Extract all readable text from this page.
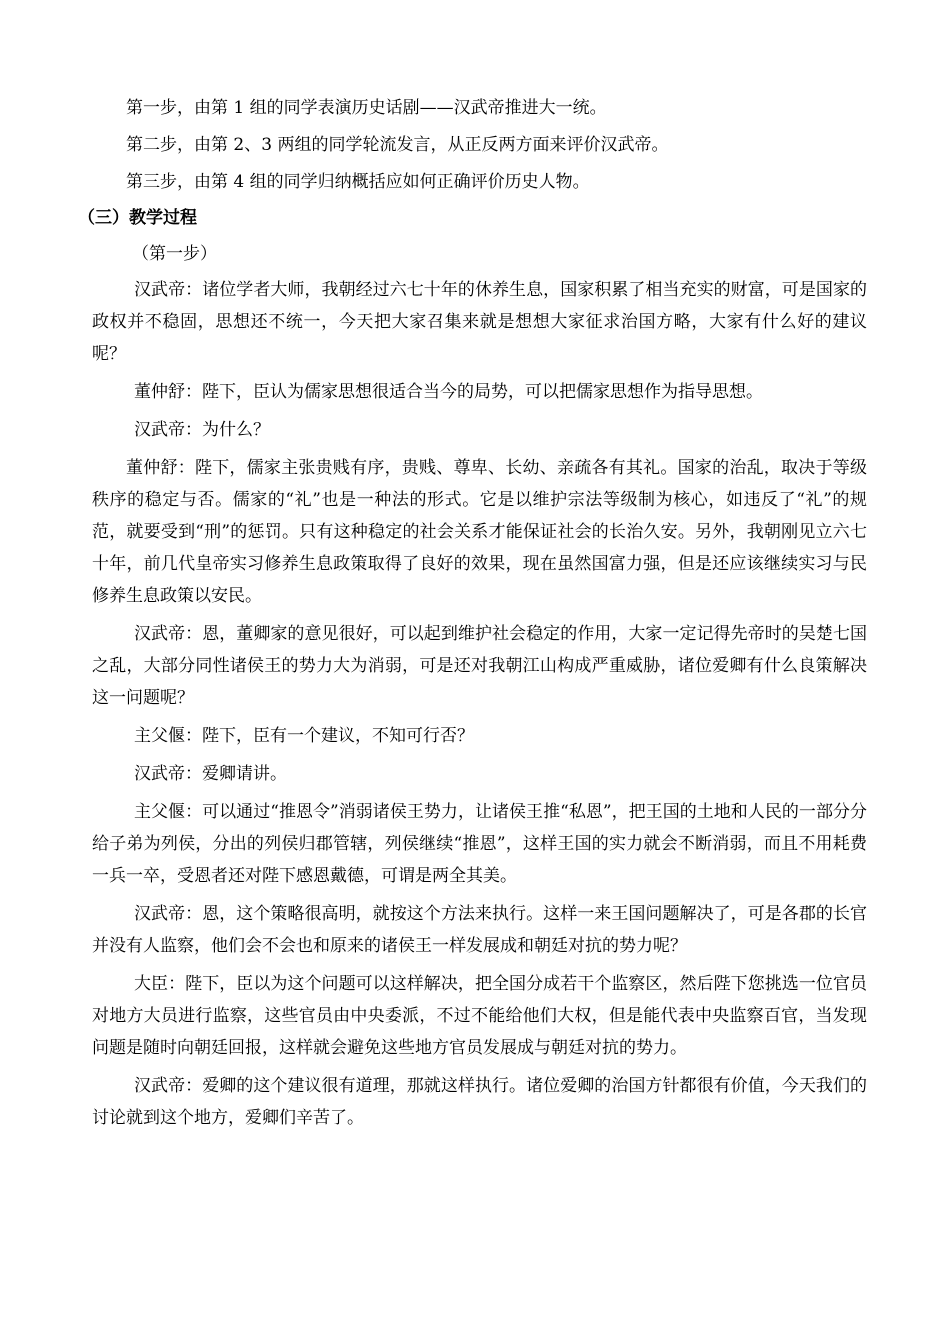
第一步，由第 1 组的同学表演历史话剧——汉武帝推进大一统。

第二步，由第 2、3 两组的同学轮流发言，从正反两方面来评价汉武帝。

第三步，由第 4 组的同学归纳概括应如何正确评价历史人物。

（三）教学过程

（第一步）

汉武帝：诸位学者大师，我朝经过六七十年的休养生息，国家积累了相当充实的财富，可是国家的政权并不稳固，思想还不统一，今天把大家召集来就是想想大家征求治国方略，大家有什么好的建议呢？

董仲舒：陛下，臣认为儒家思想很适合当今的局势，可以把儒家思想作为指导思想。

汉武帝：为什么？

董仲舒：陛下，儒家主张贵贱有序，贵贱、尊卑、长幼、亲疏各有其礼。国家的治乱，取决于等级秩序的稳定与否。儒家的“礼”也是一种法的形式。它是以维护宗法等级制为核心，如违反了“礼”的规范，就要受到“刑”的惩罚。只有这种稳定的社会关系才能保证社会的长治久安。另外，我朝刚见立六七十年，前几代皇帝实习修养生息政策取得了良好的效果，现在虽然国富力强，但是还应该继续实习与民修养生息政策以安民。

汉武帝：恩，董卿家的意见很好，可以起到维护社会稳定的作用，大家一定记得先帝时的吴楚七国之乱，大部分同性诸侯王的势力大为消弱，可是还对我朝江山构成严重威胁，诸位爱卿有什么良策解决这一问题呢？

主父偃：陛下，臣有一个建议，不知可行否？

汉武帝：爱卿请讲。

主父偃：可以通过“推恩令”消弱诸侯王势力，让诸侯王推“私恩”，把王国的土地和人民的一部分分给子弟为列侯，分出的列侯归郡管辖，列侯继续“推恩”，这样王国的实力就会不断消弱，而且不用耗费一兵一卒，受恩者还对陛下感恩戴德，可谓是两全其美。

汉武帝：恩，这个策略很高明，就按这个方法来执行。这样一来王国问题解决了，可是各郡的长官并没有人监察，他们会不会也和原来的诸侯王一样发展成和朝廷对抗的势力呢？

大臣：陛下，臣以为这个问题可以这样解决，把全国分成若干个监察区，然后陛下您挑选一位官员对地方大员进行监察，这些官员由中央委派，不过不能给他们大权，但是能代表中央监察百官，当发现问题是随时向朝廷回报，这样就会避免这些地方官员发展成与朝廷对抗的势力。

汉武帝：爱卿的这个建议很有道理，那就这样执行。诸位爱卿的治国方针都很有价值，今天我们的讨论就到这个地方，爱卿们辛苦了。
